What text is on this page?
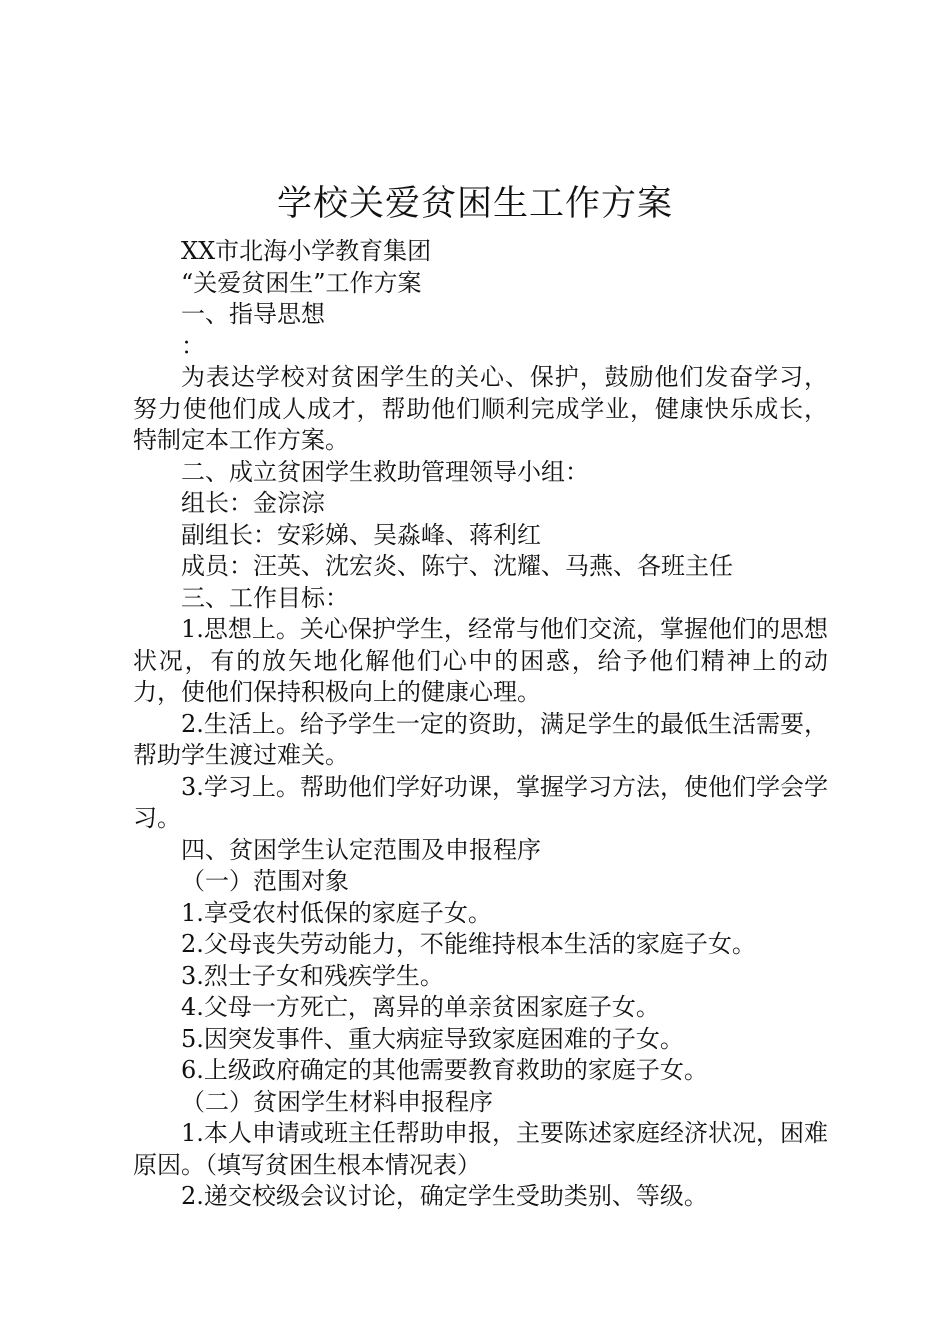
学校关爱贫困生工作方案

XX市北海小学教育集团

“关爱贫困生”工作方案

一、指导思想

：

为表达学校对贫困学生的关心、保护，鼓励他们发奋学习，努力使他们成人成才，帮助他们顺利完成学业，健康快乐成长，特制定本工作方案。

二、成立贫困学生救助管理领导小组：

组长：金淙淙

副组长：安彩娣、吴淼峰、蒋利红

成员：汪英、沈宏炎、陈宁、沈耀、马燕、各班主任

三、工作目标：

1.思想上。关心保护学生，经常与他们交流，掌握他们的思想状况，有的放矢地化解他们心中的困惑，给予他们精神上的动力，使他们保持积极向上的健康心理。

2.生活上。给予学生一定的资助，满足学生的最低生活需要，帮助学生渡过难关。

3.学习上。帮助他们学好功课，掌握学习方法，使他们学会学习。

四、贫困学生认定范围及申报程序

（一）范围对象

1.享受农村低保的家庭子女。

2.父母丧失劳动能力，不能维持根本生活的家庭子女。

3.烈士子女和残疾学生。

4.父母一方死亡，离异的单亲贫困家庭子女。

5.因突发事件、重大病症导致家庭困难的子女。

6.上级政府确定的其他需要教育救助的家庭子女。

（二）贫困学生材料申报程序

1.本人申请或班主任帮助申报，主要陈述家庭经济状况，困难原因。（填写贫困生根本情况表）

2.递交校级会议讨论，确定学生受助类别、等级。
